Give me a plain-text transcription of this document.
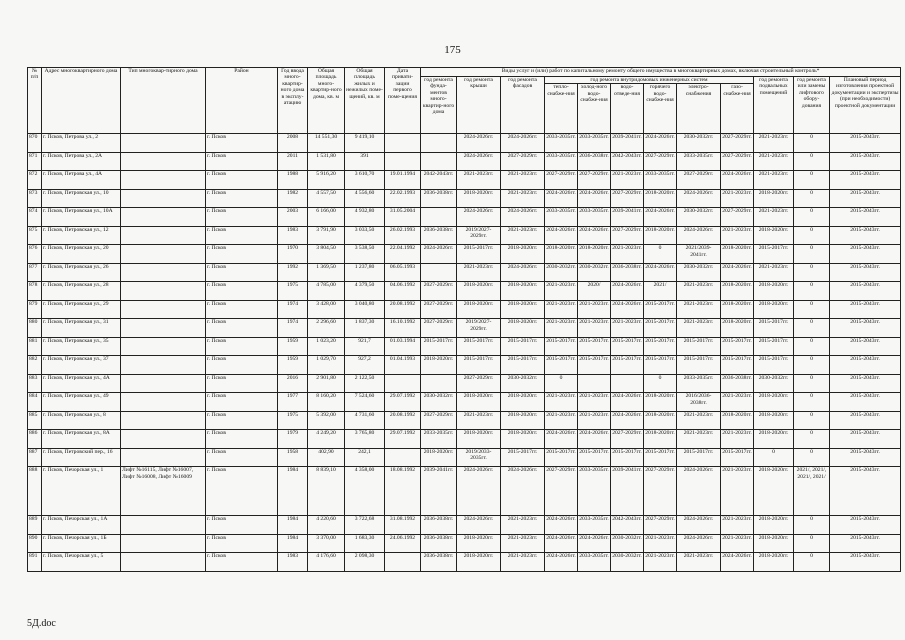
175
№ п/п	Адрес многоквартирного дома	Тип многоквар-тирного дома	Район	Год ввода много-квартир-ного дома в эксплу-атацию	Общая площадь много-квартир-ного дома, кв. м	Общая площадь жилых и нежилых поме-щений, кв. м	Дата привати-зации первого поме-щения	Виды услуг и (или) работ по капитальному ремонту общего имущества в многоквартирных домах, включая строительный контроль*											
								год ремонта фунда-ментов много-квартир-ного дома	год ремонта крыши	год ремонта фасадов	год ремонта внутридомовых инженерных систем						год ремонта подвальных помещений	год ремонта или замены лифтового обору-дования	Плановый период изготовления проектной документации и экспертизы (при необходимости) проектной документации
											тепло-снабже-ния	холод-ного водо-снабже-ния	водо-отведе-ния	горячего водо-снабже-ния	электро-снабжения	газо-снабже-ния			
870	г. Псков, Петрова ул., 2		г. Псков	2008	14 551,30	9 419,10			2024-2026гг.	2024-2026гг.	2033-2035гг.	2033-2035гг.	2039-2041гг.	2024-2026гг.	2030-2032гг.	2027-2029гг.	2021-2023гг.	0	2015-2043гг.
871	г. Псков, Петрова ул., 2А		г. Псков	2011	1 531,80	391			2024-2026гг.	2027-2029гг.	2033-2035гг.	2036-2038гг.	2042-2043гг.	2027-2029гг.	2033-2035гг.	2027-2029гг.	2021-2023гг.	0	2015-2043гг.
872	г. Псков, Петрова ул., 4А		г. Псков	1988	5 916,20	3 610,70	19.01.1994	2042-2043гг.	2021-2023гг.	2021-2023гг.	2027-2029гг.	2027-2029гг.	2021-2023гг.	2033-2035гг.	2027-2029гг.	2024-2026гг.	2021-2023гг.	0	2015-2043гг.
873	г. Псков, Петровская ул., 10		г. Псков	1982	4 557,50	4 556,60	22.02.1993	2036-2038гг.	2018-2020гг.	2021-2023гг.	2024-2026гг.	2024-2026гг.	2027-2029гг.	2018-2020гг.	2024-2026гг.	2021-2023гг.	2018-2020гг.	0	2015-2043гг.
874	г. Псков, Петровская ул., 10А		г. Псков	2003	6 166,00	4 932,80	31.05.2004		2024-2026гг.	2024-2026гг.	2033-2035гг.	2033-2035гг.	2039-2041гг.	2024-2026гг.	2030-2032гг.	2027-2029гг.	2021-2023гг.	0	2015-2043гг.
875	г. Псков, Петровская ул., 12		г. Псков	1983	3 791,90	3 033,50	26.02.1993	2036-2038гг.	2019/2027-2029гг.	2021-2023гг.	2024-2026гг.	2024-2026гг.	2027-2029гг.	2018-2020гг.	2024-2026гг.	2021-2023гг.	2018-2020гг.	0	2015-2043гг.
876	г. Псков, Петровская ул., 20		г. Псков	1970	3 804,50	3 538,50	22.04.1992	2024-2026гг.	2015-2017гг.	2018-2020гг.	2018-2020гг.	2018-2020гг.	2021-2023гг.	0	2021/2039-2041гг.	2018-2020гг.	2015-2017гг.	0	2015-2043гг.
877	г. Псков, Петровская ул., 26		г. Псков	1992	1 369,50	1 237,80	06.05.1993		2021-2023гг.	2024-2026гг.	2030-2032гг.	2030-2032гг.	2036-2038гг.	2024-2026гг.	2030-2032гг.	2024-2026гг.	2021-2023гг.	0	2015-2043гг.
878	г. Псков, Петровская ул., 28		г. Псков	1975	4 785,00	4 379,50	04.06.1992	2027-2029гг.	2018-2020гг.	2018-2020гг.	2021-2023гг.	2020/	2024-2026гг.	2021/	2021-2023гг.	2018-2020гг.	2018-2020гг.	0	2015-2043гг.
879	г. Псков, Петровская ул., 29		г. Псков	1974	3 428,00	3 040,80	20.08.1992	2027-2029гг.	2018-2020гг.	2018-2020гг.	2021-2023гг.	2021-2023гг.	2024-2026гг.	2015-2017гг.	2021-2023гг.	2018-2020гг.	2018-2020гг.	0	2015-2043гг.
880	г. Псков, Петровская ул., 31		г. Псков	1974	2 296,60	1 837,30	16.10.1992	2027-2029гг.	2019/2027-2029гг.	2018-2020гг.	2021-2023гг.	2021-2023гг.	2021-2023гг.	2015-2017гг.	2021-2023гг.	2018-2020гг.	2015-2017гг.	0	2015-2043гг.
881	г. Псков, Петровская ул., 35		г. Псков	1959	1 023,20	921,7	01.03.1994	2015-2017гг.	2015-2017гг.	2015-2017гг.	2015-2017гг.	2015-2017гг.	2015-2017гг.	2015-2017гг.	2015-2017гг.	2015-2017гг.	2015-2017гг.	0	2015-2043гг.
882	г. Псков, Петровская ул., 37		г. Псков	1959	1 029,70	927,2	01.04.1993	2018-2020гг.	2015-2017гг.	2015-2017гг.	2015-2017гг.	2015-2017гг.	2015-2017гг.	2015-2017гг.	2015-2017гг.	2015-2017гг.	2015-2017гг.	0	2015-2043гг.
883	г. Псков, Петровская ул., 4А		г. Псков	2016	2 901,80	2 122,50			2027-2029гг.	2030-2032гг.	0			0	2033-2035гг.	2036-2038гг.	2030-2032гг.	0	2015-2043гг.
884	г. Псков, Петровская ул., 49		г. Псков	1977	8 160,20	7 524,60	29.07.1992	2030-2032гг.	2018-2020гг.	2018-2020гг.	2021-2023гг.	2021-2023гг.	2024-2026гг.	2018-2020гг.	2016/2036-2038гг.	2021-2023гг.	2018-2020гг.	0	2015-2043гг.
885	г. Псков, Петровская ул., 8		г. Псков	1975	5 392,00	4 731,60	20.08.1992	2027-2029гг.	2021-2023гг.	2018-2020гг.	2021-2023гг.	2021-2023гг.	2024-2026гг.	2018-2020гг.	2021-2023гг.	2018-2020гг.	2018-2020гг.	0	2015-2043гг.
886	г. Псков, Петровская ул., 8А		г. Псков	1979	4 249,20	3 765,80	29.07.1992	2033-2035гг.	2018-2020гг.	2018-2020гг.	2024-2026гг.	2024-2026гг.	2027-2029гг.	2018-2020гг.	2021-2023гг.	2021-2023гг.	2018-2020гг.	0	2015-2043гг.
887	г. Псков, Петровский пер., 16		г. Псков	1958	402,90	242,1		2018-2020гг.	2019/2033-2035гг.	2015-2017гг.	2015-2017гг.	2015-2017гг.	2015-2017гг.	2015-2017гг.	2015-2017гг.	2015-2017гг.	0	0	2015-2043гг.
888	г. Псков, Печорская ул., 1	Лифт №16115, Лифт №16007, Лифт №16008, Лифт №16009	г. Псков	1984	8 839,10	4 358,00	18.08.1992	2039-2041гг.	2024-2026гг.	2024-2026гг.	2027-2029гг.	2033-2035гг.	2039-2041гг.	2027-2029гг.	2024-2026гг.	2021-2023гг.	2018-2020гг.	2021/, 2021/, 2021/, 2021/	2015-2043гг.
889	г. Псков, Печорская ул., 1А		г. Псков	1984	4 220,60	3 722,68	31.08.1992	2036-2038гг.	2024-2026гг.	2021-2023гг.	2024-2026гг.	2033-2035гг.	2042-2043гг.	2027-2029гг.	2024-2026гг.	2021-2023гг.	2018-2020гг.	0	2015-2043гг.
890	г. Псков, Печорская ул., 1Б		г. Псков	1984	3 370,00	1 683,30	24.06.1992	2036-2038гг.	2018-2020гг.	2021-2023гг.	2024-2026гг.	2024-2026гг.	2030-2032гг.	2021-2023гг.	2024-2026гг.	2021-2023гг.	2018-2020гг.	0	2015-2043гг.
891	г. Псков, Печорская ул., 5		г. Псков	1983	4 176,60	2 098,30		2036-2038гг.	2018-2020гг.	2021-2023гг.	2024-2026гг.	2033-2035гг.	2030-2032гг.	2021-2023гг.	2021-2023гг.	2024-2026гг.	2018-2020гг.	0	2015-2043гг.
5Д.doc
